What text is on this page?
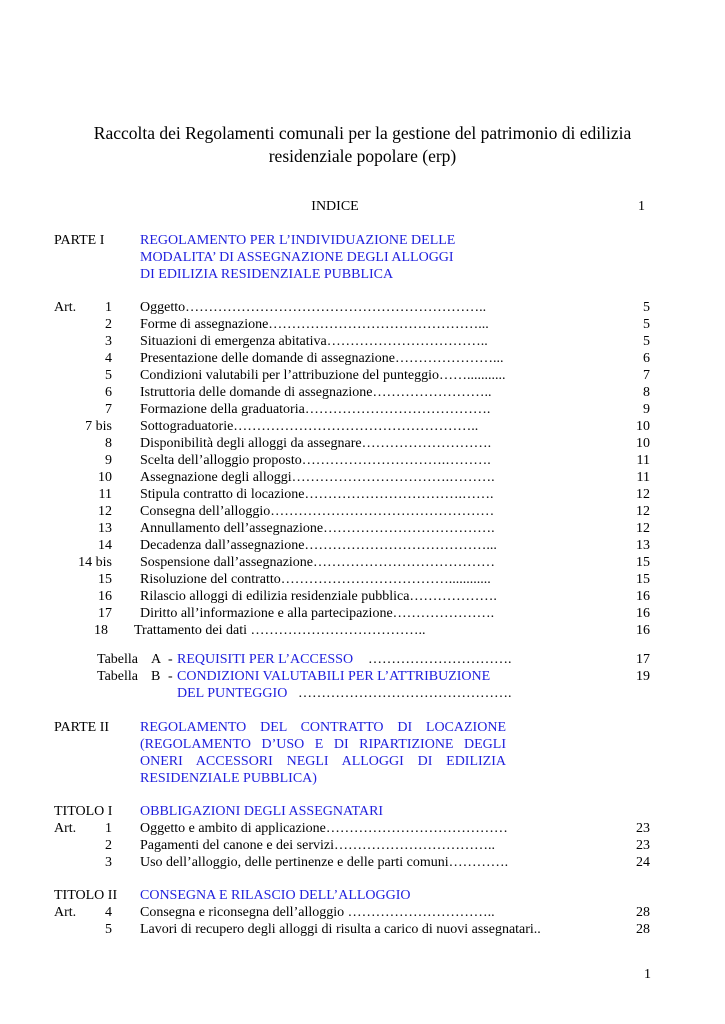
Raccolta dei Regolamenti comunali per la gestione del patrimonio di edilizia
residenziale popolare (erp)
INDICE	1
PARTE I	REGOLAMENTO PER L’INDIVIDUAZIONE DELLE
MODALITA’ DI ASSEGNAZIONE DEGLI ALLOGGI
DI EDILIZIA RESIDENZIALE PUBBLICA
Art.	1 Oggetto………………………………………………………..	5
2 Forme di assegnazione………………………………………...	5
3 Situazioni di emergenza abitativa……………………………..	5
4 Presentazione delle domande di assegnazione…………………...	6
5 Condizioni valutabili per l’attribuzione del punteggio……...........	7
6 Istruttoria delle domande di assegnazione……………………..	8
7 Formazione della graduatoria………………………………….	9
7 bis Sottograduatorie……………………………………………..	10
8 Disponibilità degli alloggi da assegnare……………………….	10
9 Scelta dell’alloggio proposto………………………….……….	11
10 Assegnazione degli alloggi…………………………….……….	11
11 Stipula contratto di locazione…………………………….…….	12
12 Consegna dell’alloggio…………………………………………	12
13 Annullamento dell’assegnazione……………………………….	12
14 Decadenza dall’assegnazione…………………………………...	13
14 bis Sospensione dall’assegnazione…………………………………	15
15 Risoluzione del contratto………………………………............	15
16 Rilascio alloggi di edilizia residenziale pubblica……………….	16
17 Diritto all’informazione e alla partecipazione………………….	16
18 Trattamento dei dati ………………………………..	16
Tabella A - REQUISITI PER L’ACCESSO ………………………….	17
Tabella B - CONDIZIONI VALUTABILI PER L’ATTRIBUZIONE	19
DEL PUNTEGGIO ……………………………………….
PARTE II REGOLAMENTO DEL CONTRATTO DI LOCAZIONE (REGOLAMENTO D’USO E DI RIPARTIZIONE DEGLI ONERI ACCESSORI NEGLI ALLOGGI DI EDILIZIA RESIDENZIALE PUBBLICA)
TITOLO I OBBLIGAZIONI DEGLI ASSEGNATARI
Art.	1 Oggetto e ambito di applicazione…………………………………	23
2 Pagamenti del canone e dei servizi……………………………..	23
3 Uso dell’alloggio, delle pertinenze e delle parti comuni………….	24
TITOLO II CONSEGNA E RILASCIO DELL’ALLOGGIO
Art.	4 Consegna e riconsegna dell’alloggio …………………………..	28
5 Lavori di recupero degli alloggi di risulta a carico di nuovi assegnatari..	28
1
